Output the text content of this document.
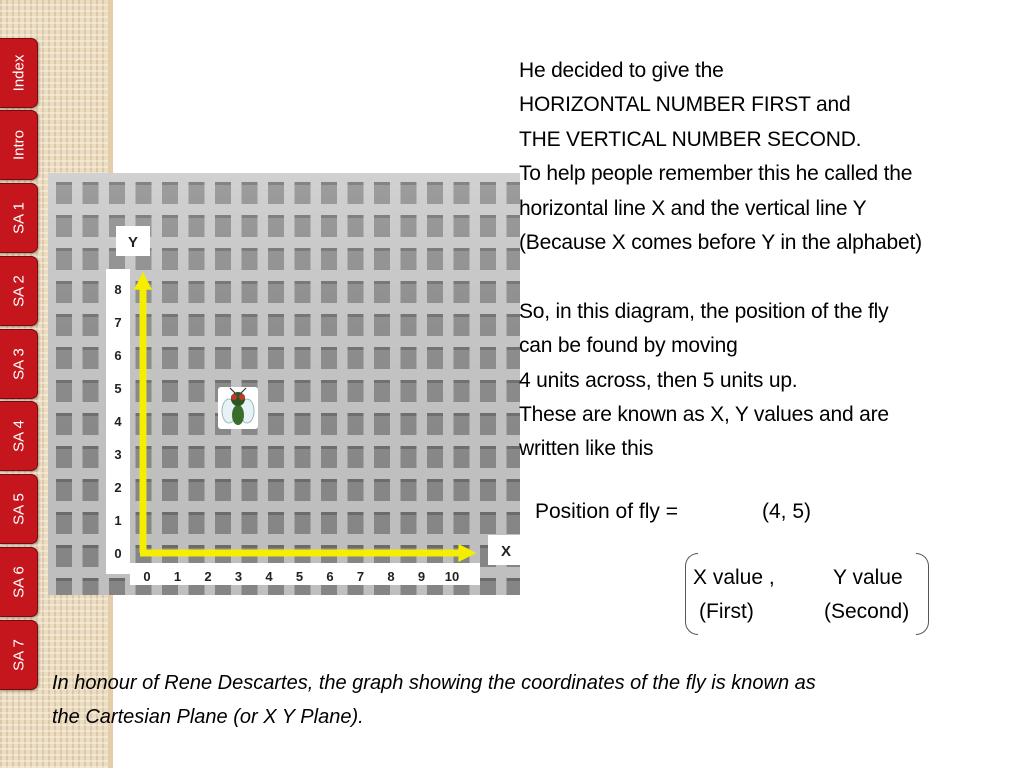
Index
Intro
SA 1
SA 2
SA 3
SA 4
SA 5
SA 6
SA 7
Y
X
0
1
2
3
4
5
6
7
8
0 1 2 3 4 5 6 7 8 9 10

He decided to give the

HORIZONTAL NUMBER FIRST and

THE VERTICAL NUMBER SECOND.

To help people remember this he called the

horizontal line X and the vertical line Y

(Because X comes before Y in the alphabet)

So, in this diagram, the position of the fly

can be found by moving

4 units across, then 5 units up.

These are known as X, Y values and are

written like this

Position of fly =	(4, 5)
X value ,	Y value
(First)	(Second)

In honour of Rene Descartes, the graph showing the coordinates of the fly is known as

the Cartesian Plane (or X Y Plane).
